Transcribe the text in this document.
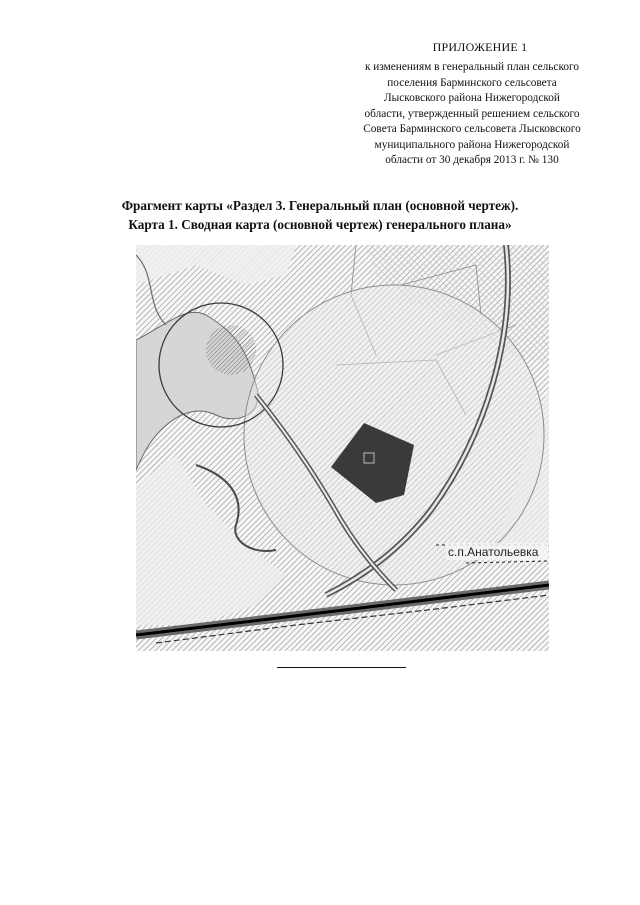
ПРИЛОЖЕНИЕ 1
к изменениям в генеральный план сельского
поселения Барминского сельсовета
Лысковского района Нижегородской
области, утвержденный решением сельского
Совета Барминского сельсовета Лысковского
муниципального района Нижегородской
области от 30 декабря 2013 г. № 130
Фрагмент карты «Раздел 3. Генеральный план (основной чертеж).
Карта 1. Сводная карта (основной чертеж) генерального плана»
с.п.Анатольевка
